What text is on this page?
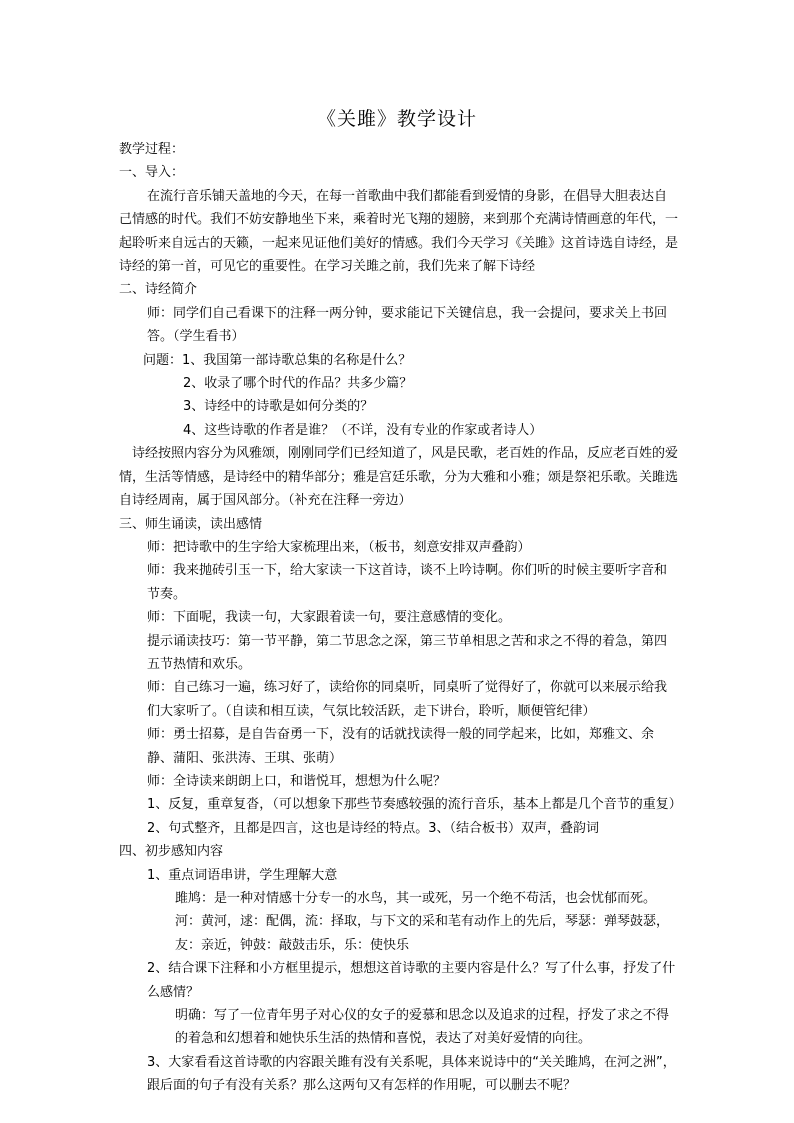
《关雎》教学设计

教学过程：

一、导入：

在流行音乐铺天盖地的今天，在每一首歌曲中我们都能看到爱情的身影，在倡导大胆表达自己情感的时代。我们不妨安静地坐下来，乘着时光飞翔的翅膀，来到那个充满诗情画意的年代，一起聆听来自远古的天籁，一起来见证他们美好的情感。我们今天学习《关雎》这首诗选自诗经，是诗经的第一首，可见它的重要性。在学习关雎之前，我们先来了解下诗经

二、诗经简介

师：同学们自己看课下的注释一两分钟，要求能记下关键信息，我一会提问，要求关上书回答。（学生看书）

问题：1、我国第一部诗歌总集的名称是什么？

2、收录了哪个时代的作品？共多少篇？

3、诗经中的诗歌是如何分类的？

4、这些诗歌的作者是谁？（不详，没有专业的作家或者诗人）

诗经按照内容分为风雅颂，刚刚同学们已经知道了，风是民歌，老百姓的作品，反应老百姓的爱情，生活等情感，是诗经中的精华部分；雅是宫廷乐歌，分为大雅和小雅；颂是祭祀乐歌。关雎选自诗经周南，属于国风部分。（补充在注释一旁边）

三、师生诵读，读出感情

师：把诗歌中的生字给大家梳理出来，（板书，刻意安排双声叠韵）

师：我来抛砖引玉一下，给大家读一下这首诗，谈不上吟诗啊。你们听的时候主要听字音和节奏。

师：下面呢，我读一句，大家跟着读一句，要注意感情的变化。

提示诵读技巧：第一节平静，第二节思念之深，第三节单相思之苦和求之不得的着急，第四五节热情和欢乐。

师：自己练习一遍，练习好了，读给你的同桌听，同桌听了觉得好了，你就可以来展示给我们大家听了。（自读和相互读，气氛比较活跃，走下讲台，聆听，顺便管纪律）

师：勇士招募，是自告奋勇一下，没有的话就找读得一般的同学起来，比如，郑雅文、余静、蒲阳、张洪涛、王琪、张萌）

师：全诗读来朗朗上口，和谐悦耳，想想为什么呢？

1、反复，重章复沓，（可以想象下那些节奏感较强的流行音乐，基本上都是几个音节的重复）2、句式整齐，且都是四言，这也是诗经的特点。3、（结合板书）双声，叠韵词

四、初步感知内容

1、重点词语串讲，学生理解大意

雎鸠：是一种对情感十分专一的水鸟，其一或死，另一个绝不苟活，也会忧郁而死。河：黄河，逑：配偶，流：择取，与下文的采和芼有动作上的先后，琴瑟：弹琴鼓瑟，友：亲近，钟鼓：敲鼓击乐，乐：使快乐

2、结合课下注释和小方框里提示，想想这首诗歌的主要内容是什么？写了什么事，抒发了什么感情？

明确：写了一位青年男子对心仪的女子的爱慕和思念以及追求的过程，抒发了求之不得的着急和幻想着和她快乐生活的热情和喜悦，表达了对美好爱情的向往。

3、大家看看这首诗歌的内容跟关雎有没有关系呢，具体来说诗中的“关关雎鸠，在河之洲”，跟后面的句子有没有关系？那么这两句又有怎样的作用呢，可以删去不呢？
